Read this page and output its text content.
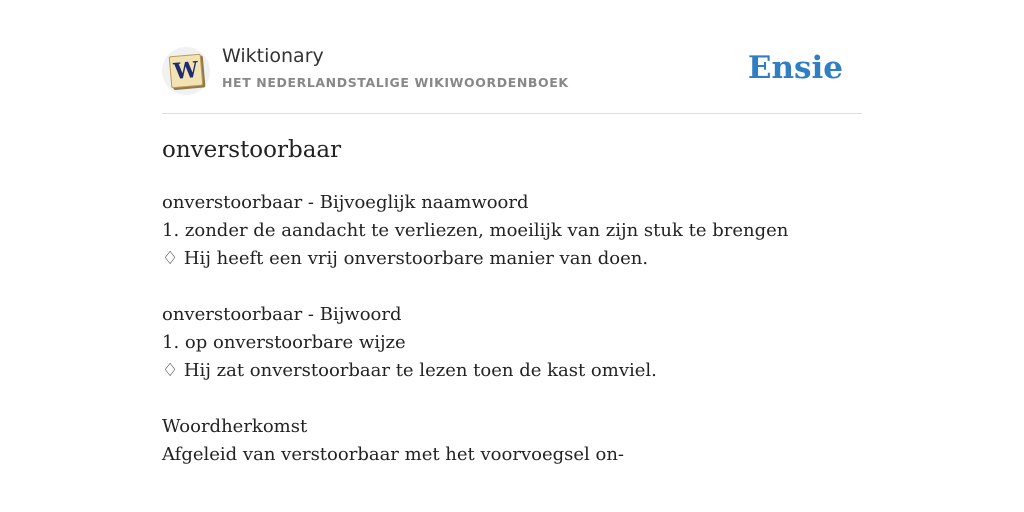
W
Wiktionary
HET NEDERLANDSTALIGE WIKIWOORDENBOEK	Ensie
onverstoorbaar
onverstoorbaar - Bijvoeglijk naamwoord
1. zonder de aandacht te verliezen, moeilijk van zijn stuk te brengen
♢ Hij heeft een vrij onverstoorbare manier van doen.
onverstoorbaar - Bijwoord
1. op onverstoorbare wijze
♢ Hij zat onverstoorbaar te lezen toen de kast omviel.
Woordherkomst
Afgeleid van verstoorbaar met het voorvoegsel on-
